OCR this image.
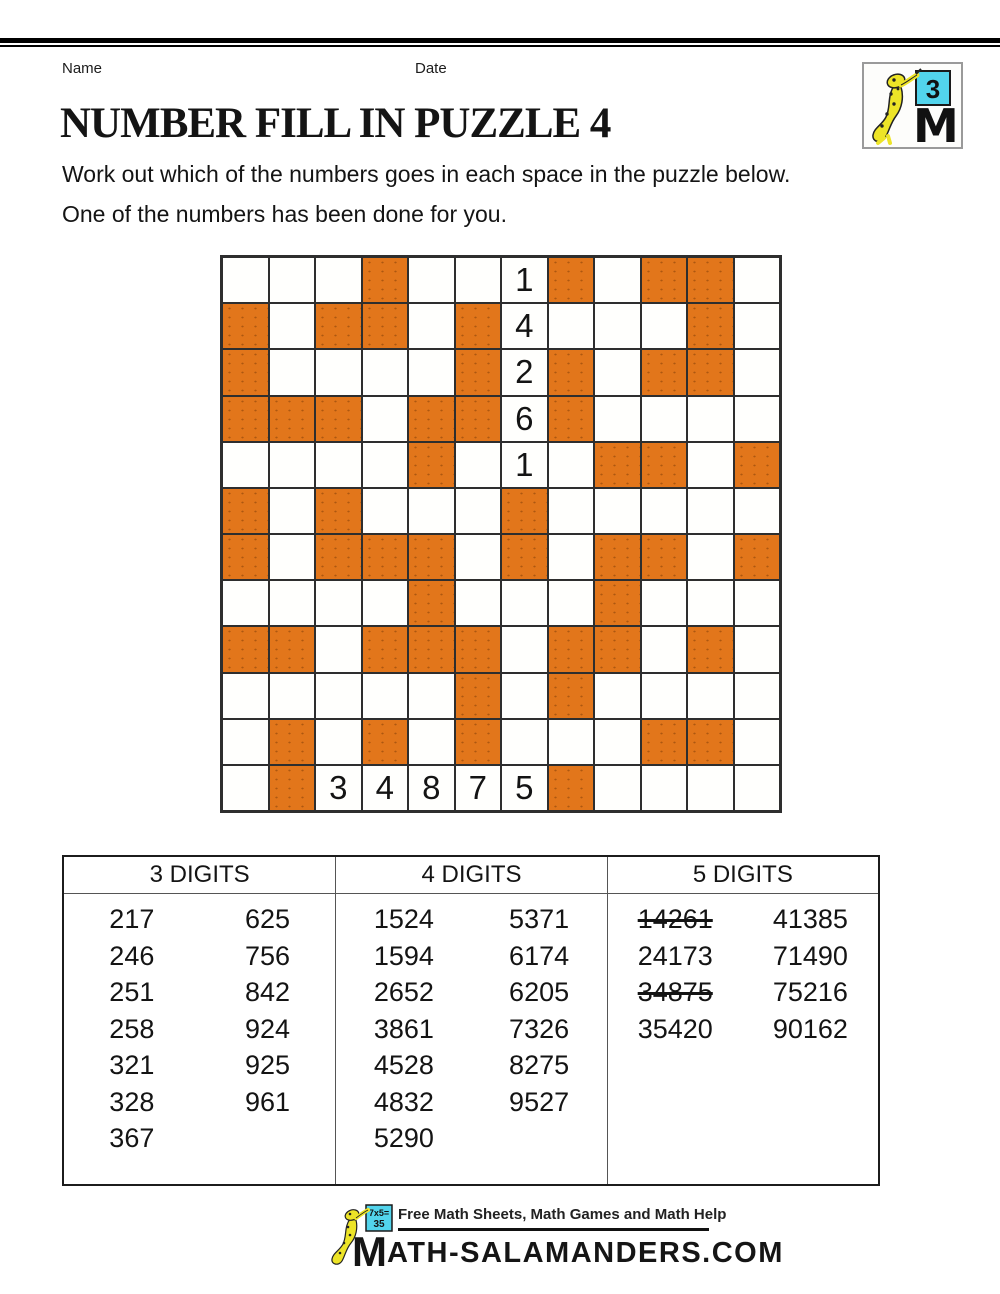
Name	Date
3
M
NUMBER FILL IN PUZZLE 4
Work out which of the numbers goes in each space in the puzzle below.
One of the numbers has been done for you.
1
4
2
6
1
3 4 8 7 5
3 DIGITS
217
246
251
258
321
328
367
625
756
842
924
925
961
4 DIGITS
1524
1594
2652
3861
4528
4832
5290
5371
6174
6205
7326
8275
9527
5 DIGITS
14261
24173
34875
35420
41385
71490
75216
90162
7x5=
35
Free Math Sheets, Math Games and Math Help
MATH-SALAMANDERS.COM
